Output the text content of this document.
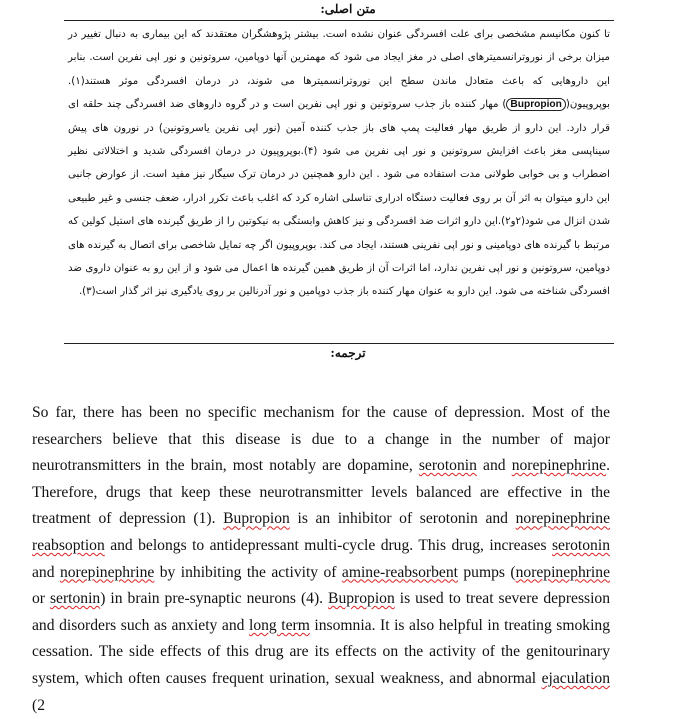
متن اصلی:

تا کنون مکانیسم مشخصی برای علت افسردگی عنوان نشده است. بیشتر پژوهشگران معتقدند که این بیماری به دنبال تغییر در میزان برخی از نوروترانسمیترهای اصلی در مغز ایجاد می شود که مهمترین آنها دوپامین، سروتونین و نور اپی نفرین است. بنابر این داروهایی که باعث متعادل ماندن سطح این نوروترانسمیترها می شوند، در درمان افسردگی موثر هستند(۱). بوپروپیون(Bupropion) مهار کننده باز جذب سروتونین و نور اپی نفرین است و در گروه داروهای ضد افسردگی چند حلقه ای قرار دارد. این دارو از طریق مهار فعالیت پمپ های باز جذب کننده آمین (نور اپی نفرین یاسروتونین) در نورون های پیش سیناپسی مغز باعث افزایش سروتونین و نور اپی نفرین می شود (۴).بوپروپیون در درمان افسردگی شدید و اختلالاتی نظیر اضطراب و بی خوابی طولانی مدت استفاده می شود . این دارو همچنین در درمان ترک سیگار نیز مفید است. از عوارض جانبی این دارو میتوان به اثر آن بر روی فعالیت دستگاه ادراری تناسلی اشاره کرد که اغلب باعث تکرر ادرار، ضعف جنسی و غیر طبیعی شدن انزال می شود(۲و۲).این دارو اثرات ضد افسردگی و نیز کاهش وابستگی به نیکوتین را از طریق گیرنده های استیل کولین که مرتبط با گیرنده های دوپامینی و نور اپی نفرینی هستند، ایجاد می کند. بوپروپیون اگر چه تمایل شاخصی برای اتصال به گیرنده های دوپامین، سروتونین و نور اپی نفرین ندارد، اما اثرات آن از طریق همین گیرنده ها اعمال می شود و از این رو به عنوان داروی ضد افسردگی شناخته می شود. این دارو به عنوان مهار کننده باز جذب دوپامین و نور آدرنالین بر روی یادگیری نیز اثر گذار است(۳).

ترجمه:

So far, there has been no specific mechanism for the cause of depression. Most of the researchers believe that this disease is due to a change in the number of major neurotransmitters in the brain, most notably are dopamine, serotonin and norepinephrine. Therefore, drugs that keep these neurotransmitter levels balanced are effective in the treatment of depression (1). Bupropion is an inhibitor of serotonin and norepinephrine reabsoption and belongs to antidepressant multi-cycle drug. This drug, increases serotonin and norepinephrine by inhibiting the activity of amine-reabsorbent pumps (norepinephrine or sertonin) in brain pre-synaptic neurons (4). Bupropion is used to treat severe depression and disorders such as anxiety and long term insomnia. It is also helpful in treating smoking cessation. The side effects of this drug are its effects on the activity of the genitourinary system, which often causes frequent urination, sexual weakness, and abnormal ejaculation (2
